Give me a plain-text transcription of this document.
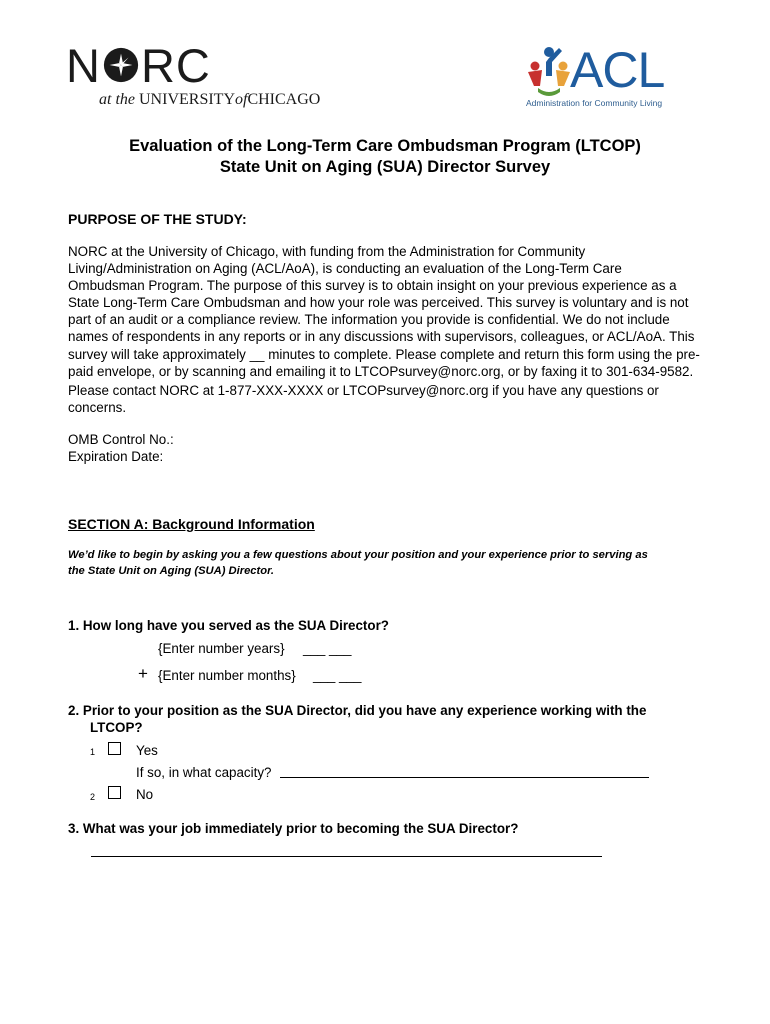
N RC
at the UNIVERSITYofCHICAGO
ACL
Administration for Community Living
Evaluation of the Long-Term Care Ombudsman Program (LTCOP)
State Unit on Aging (SUA) Director Survey
PURPOSE OF THE STUDY:
NORC at the University of Chicago, with funding from the Administration for Community
Living/Administration on Aging (ACL/AoA), is conducting an evaluation of the Long-Term Care
Ombudsman Program. The purpose of this survey is to obtain insight on your previous experience as a
State Long-Term Care Ombudsman and how your role was perceived. This survey is voluntary and is not
part of an audit or a compliance review. The information you provide is confidential. We do not include
names of respondents in any reports or in any discussions with supervisors, colleagues, or ACL/AoA. This
survey will take approximately __ minutes to complete. Please complete and return this form using the pre-
paid envelope, or by scanning and emailing it to LTCOPsurvey@norc.org, or by faxing it to 301-634-9582.
Please contact NORC at 1-877-XXX-XXXX or LTCOPsurvey@norc.org if you have any questions or
concerns.
OMB Control No.:
Expiration Date:
SECTION A: Background Information
We’d like to begin by asking you a few questions about your position and your experience prior to serving as
the State Unit on Aging (SUA) Director.
1. How long have you served as the SUA Director?
{Enter number years} ___ ___
+ {Enter number months} ___ ___
2. Prior to your position as the SUA Director, did you have any experience working with the
LTCOP?
1	Yes
If so, in what capacity?
2	No
3. What was your job immediately prior to becoming the SUA Director?
